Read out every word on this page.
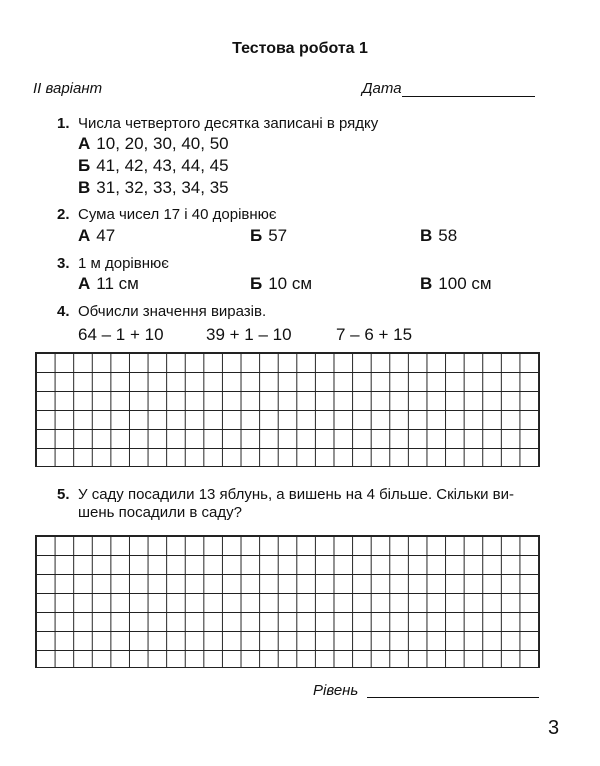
Тестова робота 1
II варіант	Дата
1. Числа четвертого десятка записані в рядку
А 10, 20, 30, 40, 50
Б 41, 42, 43, 44, 45
В 31, 32, 33, 34, 35
2. Сума чисел 17 і 40 дорівнює
А 47	Б 57	В 58
3. 1 м дорівнює
А 11 см	Б 10 см	В 100 см
4. Обчисли значення виразів.
64 – 1 + 10 39 + 1 – 10	7 – 6 + 15
5. У саду посадили 13 яблунь, а вишень на 4 більше. Скільки ви-
шень посадили в саду?
Рівень
3
